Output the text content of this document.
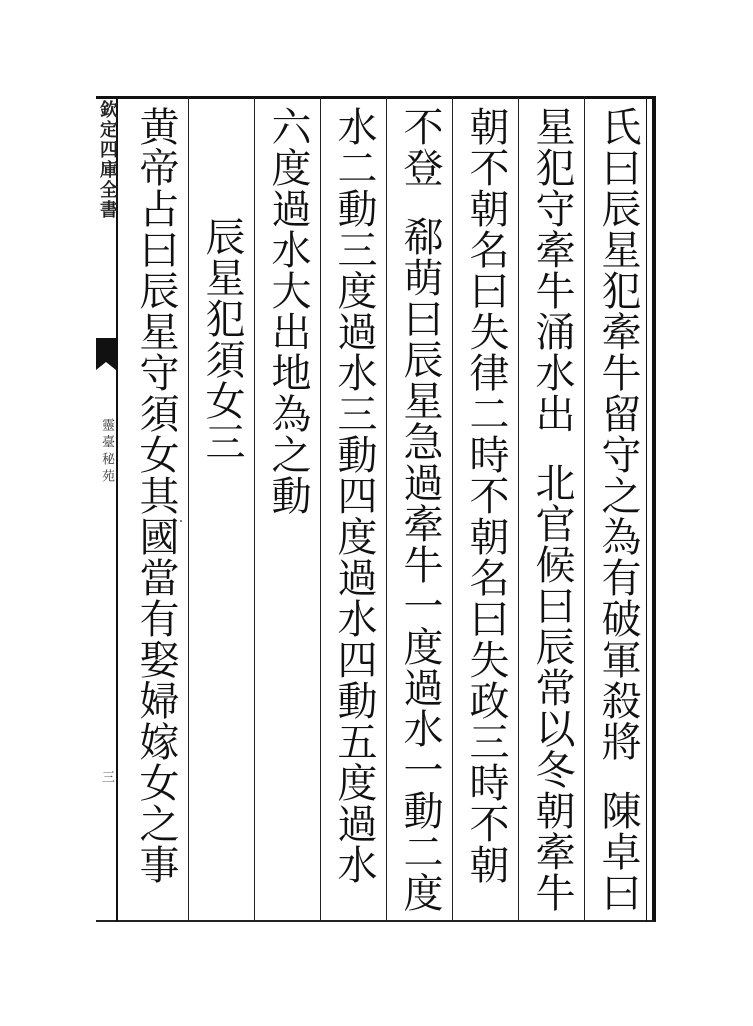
欽定四庫全書
靈臺秘苑
三
氏曰辰星犯牽牛留守之為有破軍殺將陳卓曰
星犯守牽牛涌水出北官候曰辰常以冬朝牽牛
朝不朝名曰失律二時不朝名曰失政三時不朝
不登郗萌曰辰星急過牽牛一度過水一動二度
水二動三度過水三動四度過水四動五度過水
六度過水大出地為之動
辰星犯須女三
黄帝占曰辰星守須女其國當有娶婦嫁女之事
